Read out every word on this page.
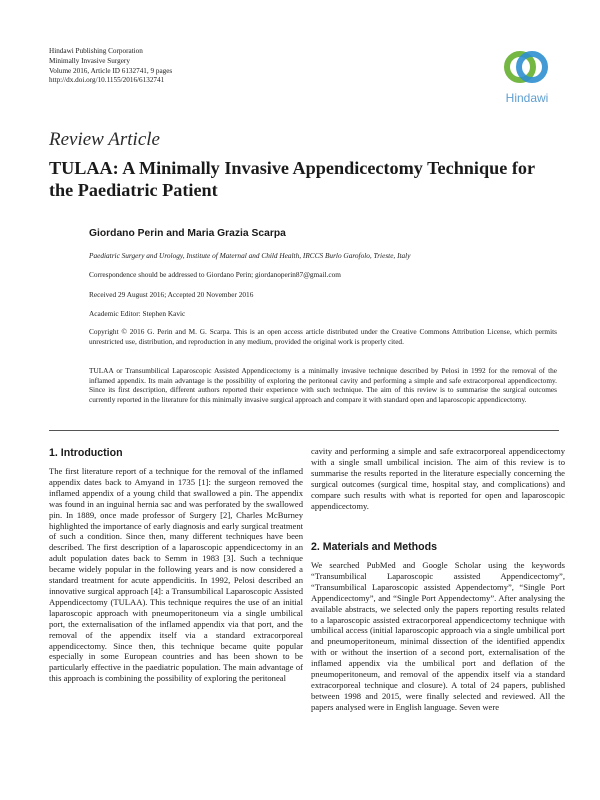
Hindawi Publishing Corporation
Minimally Invasive Surgery
Volume 2016, Article ID 6132741, 9 pages
http://dx.doi.org/10.1155/2016/6132741
Hindawi
Review Article
TULAA: A Minimally Invasive Appendicectomy Technique for the Paediatric Patient
Giordano Perin and Maria Grazia Scarpa
Paediatric Surgery and Urology, Institute of Maternal and Child Health, IRCCS Burlo Garofolo, Trieste, Italy
Correspondence should be addressed to Giordano Perin; giordanoperin87@gmail.com
Received 29 August 2016; Accepted 20 November 2016
Academic Editor: Stephen Kavic
Copyright © 2016 G. Perin and M. G. Scarpa. This is an open access article distributed under the Creative Commons Attribution License, which permits unrestricted use, distribution, and reproduction in any medium, provided the original work is properly cited.
TULAA or Transumbilical Laparoscopic Assisted Appendicectomy is a minimally invasive technique described by Pelosi in 1992 for the removal of the inflamed appendix. Its main advantage is the possibility of exploring the peritoneal cavity and performing a simple and safe extracorporeal appendicectomy. Since its first description, different authors reported their experience with such technique. The aim of this review is to summarise the surgical outcomes currently reported in the literature for this minimally invasive surgical approach and compare it with standard open and laparoscopic appendicectomy.
1. Introduction

The first literature report of a technique for the removal of the inflamed appendix dates back to Amyand in 1735 [1]: the surgeon removed the inflamed appendix of a young child that swallowed a pin. The appendix was found in an inguinal hernia sac and was perforated by the swallowed pin. In 1889, once made professor of Surgery [2], Charles McBurney highlighted the importance of early diagnosis and early surgical treatment of such a condition. Since then, many different techniques have been described. The first description of a laparoscopic appendicectomy in an adult population dates back to Semm in 1983 [3]. Such a technique became widely popular in the following years and is now considered a standard treatment for acute appendicitis. In 1992, Pelosi described an innovative surgical approach [4]: a Transumbilical Laparoscopic Assisted Appendicectomy (TULAA). This technique requires the use of an initial laparoscopic approach with pneumoperitoneum via a single umbilical port, the externalisation of the inflamed appendix via that port, and the removal of the appendix itself via a standard extracorporeal appendicectomy. Since then, this technique became quite popular especially in some European countries and has been shown to be particularly effective in the paediatric population. The main advantage of this approach is combining the possibility of exploring the peritoneal

cavity and performing a simple and safe extracorporeal appendicectomy with a single small umbilical incision. The aim of this review is to summarise the results reported in the literature especially concerning the surgical outcomes (surgical time, hospital stay, and complications) and compare such results with what is reported for open and laparoscopic appendicectomy.

2. Materials and Methods

We searched PubMed and Google Scholar using the keywords “Transumbilical Laparoscopic assisted Appendicectomy”, “Transumbilical Laparoscopic assisted Appendectomy”, “Single Port Appendicectomy”, and “Single Port Appendectomy”. After analysing the available abstracts, we selected only the papers reporting results related to a laparoscopic assisted extracorporeal appendicectomy technique with umbilical access (initial laparoscopic approach via a single umbilical port and pneumoperitoneum, minimal dissection of the identified appendix with or without the insertion of a second port, externalisation of the inflamed appendix via the umbilical port and deflation of the pneumoperitoneum, and removal of the appendix itself via a standard extracorporeal technique and closure). A total of 24 papers, published between 1998 and 2015, were finally selected and reviewed. All the papers analysed were in English language. Seven were
